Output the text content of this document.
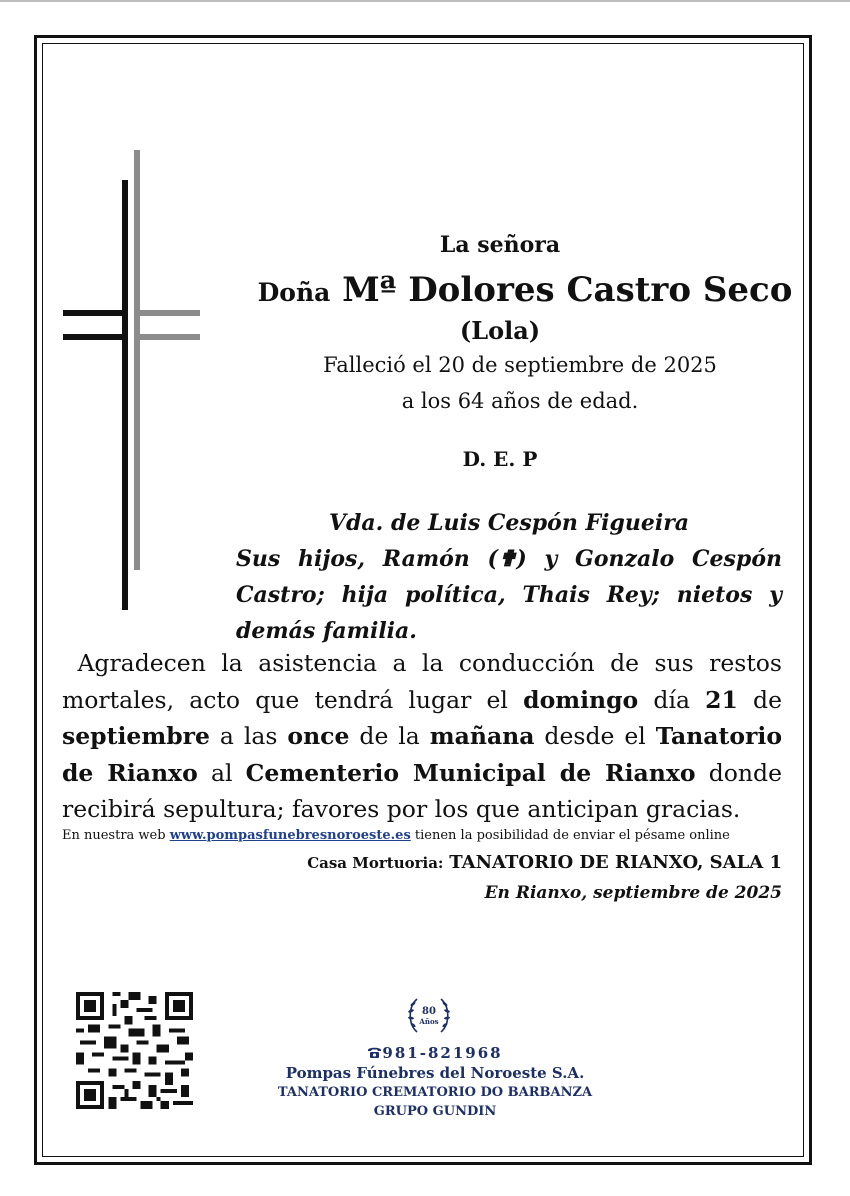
La señora

Doña Mª Dolores Castro Seco

(Lola)

Falleció el 20 de septiembre de 2025

a los 64 años de edad.

D. E. P

Vda. de Luis Cespón Figueira
Sus hijos, Ramón (✟) y Gonzalo Cespón Castro; hija política, Thais Rey; nietos y demás familia.

Agradecen la asistencia a la conducción de sus restos mortales, acto que tendrá lugar el domingo día 21 de septiembre a las once de la mañana desde el Tanatorio de Rianxo al Cementerio Municipal de Rianxo donde recibirá sepultura; favores por los que anticipan gracias.

En nuestra web www.pompasfunebresnoroeste.es tienen la posibilidad de enviar el pésame online

Casa Mortuoria: TANATORIO DE RIANXO, SALA 1

En Rianxo, septiembre de 2025

80
Años

981-821968

Pompas Fúnebres del Noroeste S.A.

TANATORIO CREMATORIO DO BARBANZA

GRUPO GUNDIN
